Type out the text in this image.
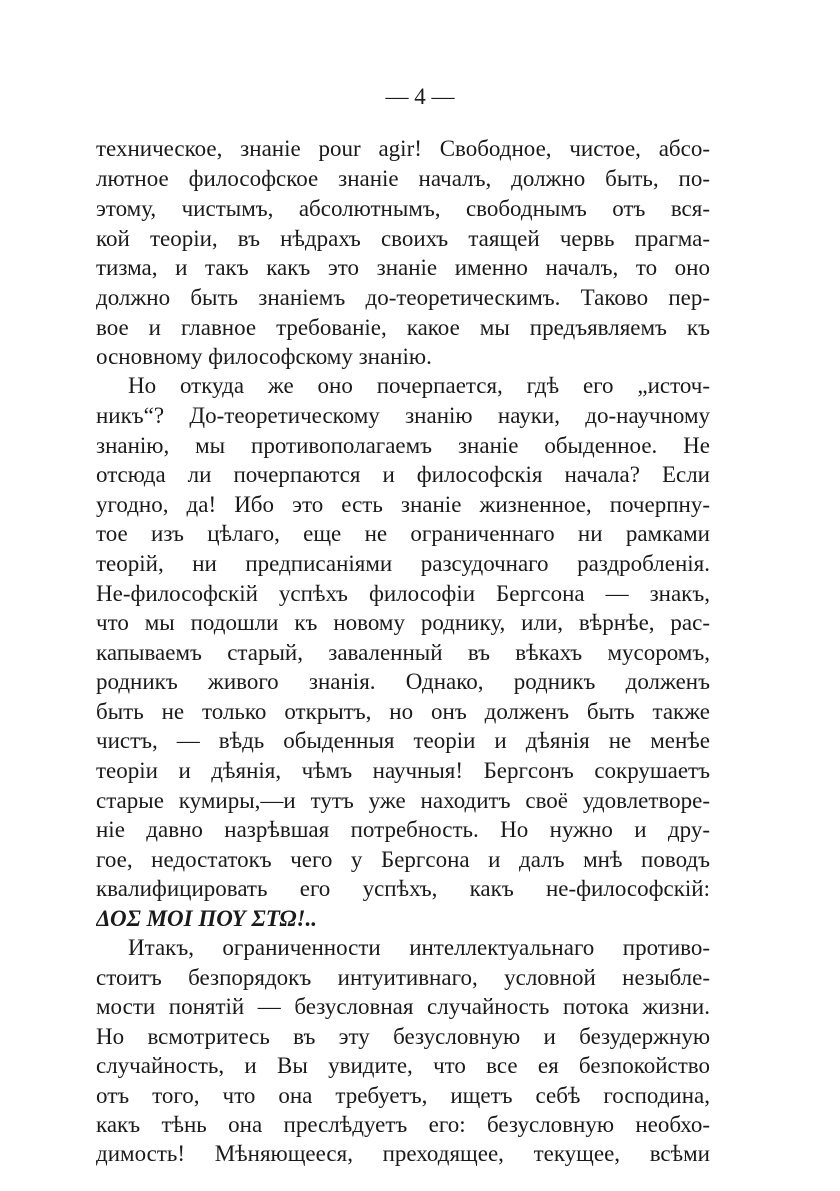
— 4 —
техническое, знаніе pour agir! Свободное, чистое, абсо-
лютное философское знаніе началъ, должно быть, по-
этому, чистымъ, абсолютнымъ, свободнымъ отъ вся-
кой теоріи, въ нѣдрахъ своихъ таящей червь прагма-
тизма, и такъ какъ это знаніе именно началъ, то оно
должно быть знаніемъ до-теоретическимъ. Таково пер-
вое и главное требованіе, какое мы предъявляемъ къ
основному философскому знанію.
Но откуда же оно почерпается, гдѣ его „источ-
никъ“? До-теоретическому знанію науки, до-научному
знанію, мы противополагаемъ знаніе обыденное. Не
отсюда ли почерпаются и философскія начала? Если
угодно, да! Ибо это есть знаніе жизненное, почерпну-
тое изъ цѣлаго, еще не ограниченнаго ни рамками
теорій, ни предписаніями разсудочнаго раздробленія.
Не-философскій успѣхъ философіи Бергсона — знакъ,
что мы подошли къ новому роднику, или, вѣрнѣе, рас-
капываемъ старый, заваленный въ вѣкахъ мусоромъ,
родникъ живого знанія. Однако, родникъ долженъ
быть не только открытъ, но онъ долженъ быть также
чистъ, — вѣдь обыденныя теоріи и дѣянія не менѣе
теоріи и дѣянія, чѣмъ научныя! Бергсонъ сокрушаетъ
старые кумиры,—и тутъ уже находитъ своё удовлетворе-
ніе давно назрѣвшая потребность. Но нужно и дру-
гое, недостатокъ чего у Бергсона и далъ мнѣ поводъ
квалифицировать его успѣхъ, какъ не-философскій:
ΔΟΣ ΜΟΙ ΠΟΥ ΣΤΩ!..
Итакъ, ограниченности интеллектуальнаго противо-
стоитъ безпорядокъ интуитивнаго, условной незыбле-
мости понятій — безусловная случайность потока жизни.
Но всмотритесь въ эту безусловную и безудержную
случайность, и Вы увидите, что все ея безпокойство
отъ того, что она требуетъ, ищетъ себѣ господина,
какъ тѣнь она преслѣдуетъ его: безусловную необхо-
димость! Мѣняющееся, преходящее, текущее, всѣми
